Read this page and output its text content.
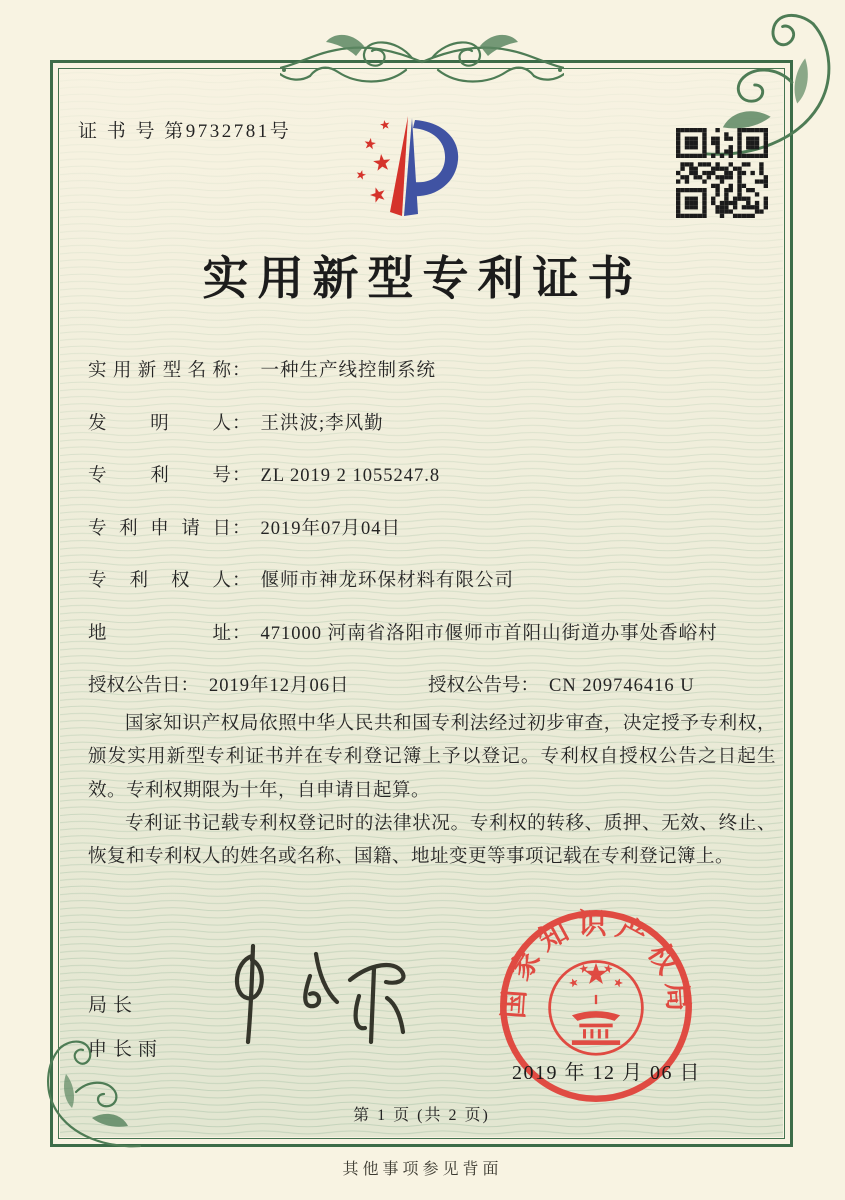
证 书 号 第9732781号
实用新型专利证书
实用新型名称 ： 一种生产线控制系统
发明人 ： 王洪波;李风勤
专利号 ： ZL 2019 2 1055247.8
专利申请日 ： 2019年07月04日
专利权人 ： 偃师市神龙环保材料有限公司
地址 ： 471000 河南省洛阳市偃师市首阳山街道办事处香峪村
授权公告日 ： 2019年12月06日	授权公告号 ： CN 209746416 U

国家知识产权局依照中华人民共和国专利法经过初步审查，决定授予专利权，颁发实用新型专利证书并在专利登记簿上予以登记。专利权自授权公告之日起生效。专利权期限为十年，自申请日起算。

专利证书记载专利权登记时的法律状况。专利权的转移、质押、无效、终止、恢复和专利权人的姓名或名称、国籍、地址变更等事项记载在专利登记簿上。

局长
申长雨
国家知识产权局
2019 年 12 月 06 日
第 1 页 (共 2 页)
其他事项参见背面
